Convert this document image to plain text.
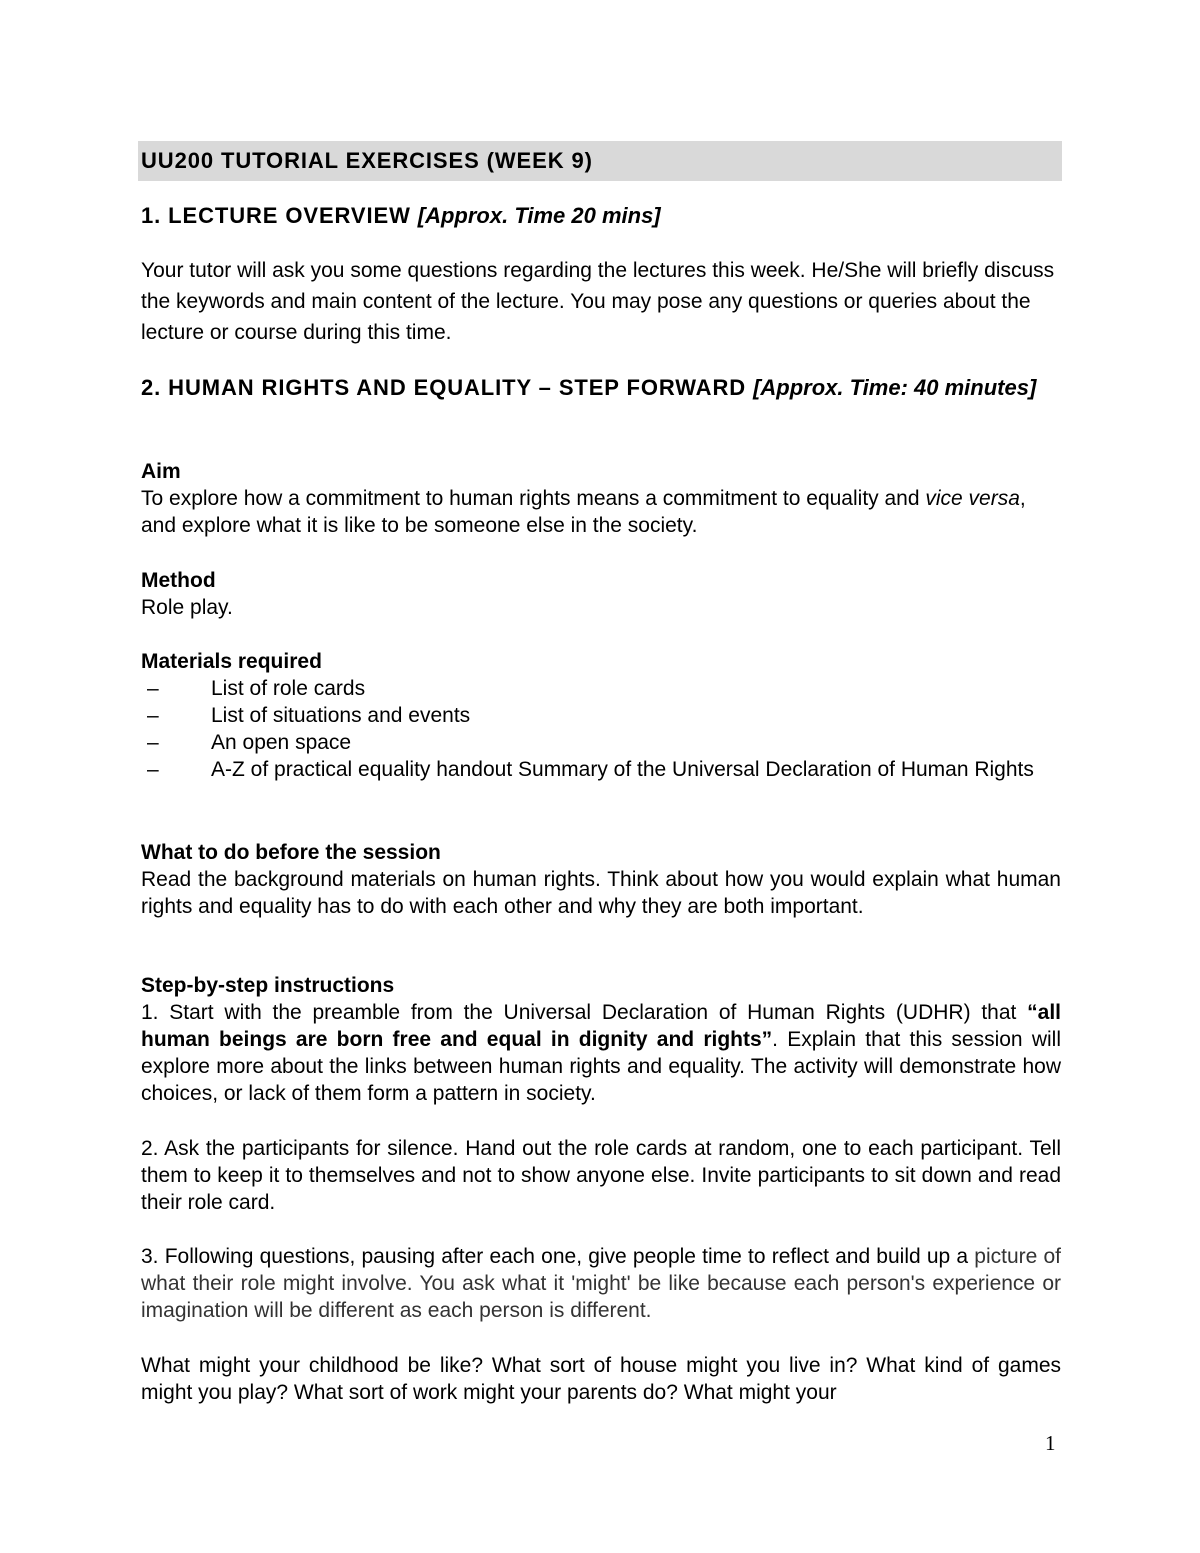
UU200 TUTORIAL EXERCISES (WEEK 9)
1. LECTURE OVERVIEW [Approx. Time 20 mins]
Your tutor will ask you some questions regarding the lectures this week. He/She will briefly discuss the keywords and main content of the lecture. You may pose any questions or queries about the lecture or course during this time.
2. HUMAN RIGHTS AND EQUALITY – STEP FORWARD [Approx. Time: 40 minutes]
Aim
To explore how a commitment to human rights means a commitment to equality and vice versa, and explore what it is like to be someone else in the society.
Method
Role play.
Materials required
– List of role cards
– List of situations and events
– An open space
– A-Z of practical equality handout Summary of the Universal Declaration of Human Rights
What to do before the session
Read the background materials on human rights. Think about how you would explain what human rights and equality has to do with each other and why they are both important.
Step-by-step instructions
1. Start with the preamble from the Universal Declaration of Human Rights (UDHR) that “all human beings are born free and equal in dignity and rights”. Explain that this session will explore more about the links between human rights and equality. The activity will demonstrate how choices, or lack of them form a pattern in society.
2. Ask the participants for silence. Hand out the role cards at random, one to each participant. Tell them to keep it to themselves and not to show anyone else. Invite participants to sit down and read their role card.
3. Following questions, pausing after each one, give people time to reflect and build up a picture of what their role might involve. You ask what it 'might' be like because each person's experience or imagination will be different as each person is different.
What might your childhood be like? What sort of house might you live in? What kind of games might you play? What sort of work might your parents do? What might your
1
